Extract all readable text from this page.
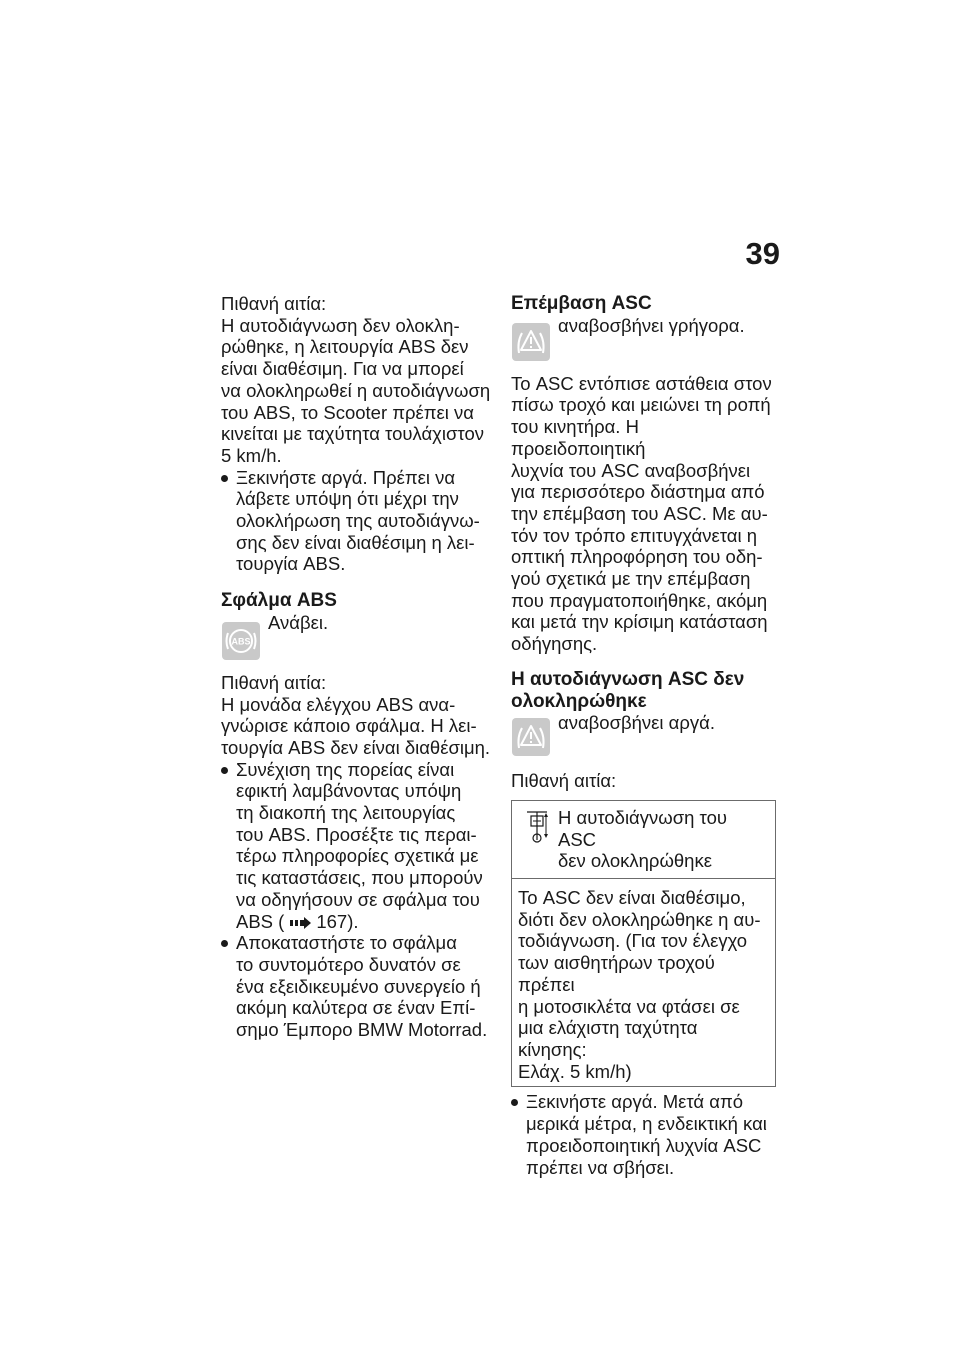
39

Πιθανή αιτία:

Η αυτοδιάγνωση δεν ολοκλη-
ρώθηκε, η λειτουργία ABS δεν
είναι διαθέσιμη. Για να μπορεί
να ολοκληρωθεί η αυτοδιάγνωση
του ABS, το Scooter πρέπει να
κινείται με ταχύτητα τουλάχιστον
5 km/h.
Ξεκινήστε αργά. Πρέπει να
λάβετε υπόψη ότι μέχρι την
ολοκλήρωση της αυτοδιάγνω-
σης δεν είναι διαθέσιμη η λει-
τουργία ABS.

Σφάλμα ABS

ABS
Ανάβει.

Πιθανή αιτία:

Η μονάδα ελέγχου ABS ανα-
γνώρισε κάποιο σφάλμα. Η λει-
τουργία ABS δεν είναι διαθέσιμη.
Συνέχιση της πορείας είναι
εφικτή λαμβάνοντας υπόψη
τη διακοπή της λειτουργίας
του ABS. Προσέξτε τις περαι-
τέρω πληροφορίες σχετικά με
τις καταστάσεις, που μπορούν
να οδηγήσουν σε σφάλμα του
ABS ( 167).
Αποκαταστήστε το σφάλμα
το συντομότερο δυνατόν σε
ένα εξειδικευμένο συνεργείο ή
ακόμη καλύτερα σε έναν Επί-
σημο Έμπορο BMW Motorrad.

Επέμβαση ASC

αναβοσβήνει γρήγορα.
Το ASC εντόπισε αστάθεια στον
πίσω τροχό και μειώνει τη ροπή
του κινητήρα. Η προειδοποιητική
λυχνία του ASC αναβοσβήνει
για περισσότερο διάστημα από
την επέμβαση του ASC. Με αυ-
τόν τον τρόπο επιτυγχάνεται η
οπτική πληροφόρηση του οδη-
γού σχετικά με την επέμβαση
που πραγματοποιήθηκε, ακόμη
και μετά την κρίσιμη κατάσταση
οδήγησης.

Η αυτοδιάγνωση ASC δεν
ολοκληρώθηκε

αναβοσβήνει αργά.

Πιθανή αιτία:

Η αυτοδιάγνωση του ASC
δεν ολοκληρώθηκε
Το ASC δεν είναι διαθέσιμο,
διότι δεν ολοκληρώθηκε η αυ-
τοδιάγνωση. (Για τον έλεγχο
των αισθητήρων τροχού πρέπει
η μοτοσικλέτα να φτάσει σε
μια ελάχιστη ταχύτητα κίνησης:
Ελάχ. 5 km/h)
Ξεκινήστε αργά. Μετά από
μερικά μέτρα, η ενδεικτική και
προειδοποιητική λυχνία ASC
πρέπει να σβήσει.
